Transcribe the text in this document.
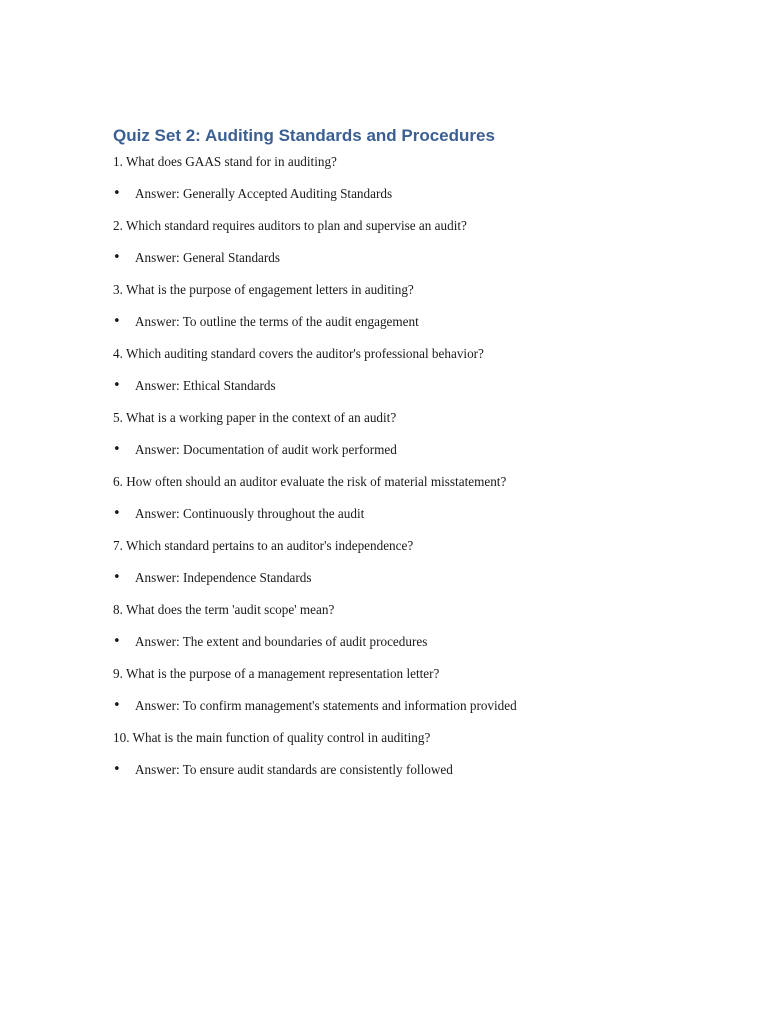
Quiz Set 2: Auditing Standards and Procedures

1. What does GAAS stand for in auditing?

• Answer: Generally Accepted Auditing Standards

2. Which standard requires auditors to plan and supervise an audit?

• Answer: General Standards

3. What is the purpose of engagement letters in auditing?

• Answer: To outline the terms of the audit engagement

4. Which auditing standard covers the auditor's professional behavior?

• Answer: Ethical Standards

5. What is a working paper in the context of an audit?

• Answer: Documentation of audit work performed

6. How often should an auditor evaluate the risk of material misstatement?

• Answer: Continuously throughout the audit

7. Which standard pertains to an auditor's independence?

• Answer: Independence Standards

8. What does the term 'audit scope' mean?

• Answer: The extent and boundaries of audit procedures

9. What is the purpose of a management representation letter?

• Answer: To confirm management's statements and information provided

10. What is the main function of quality control in auditing?

• Answer: To ensure audit standards are consistently followed
